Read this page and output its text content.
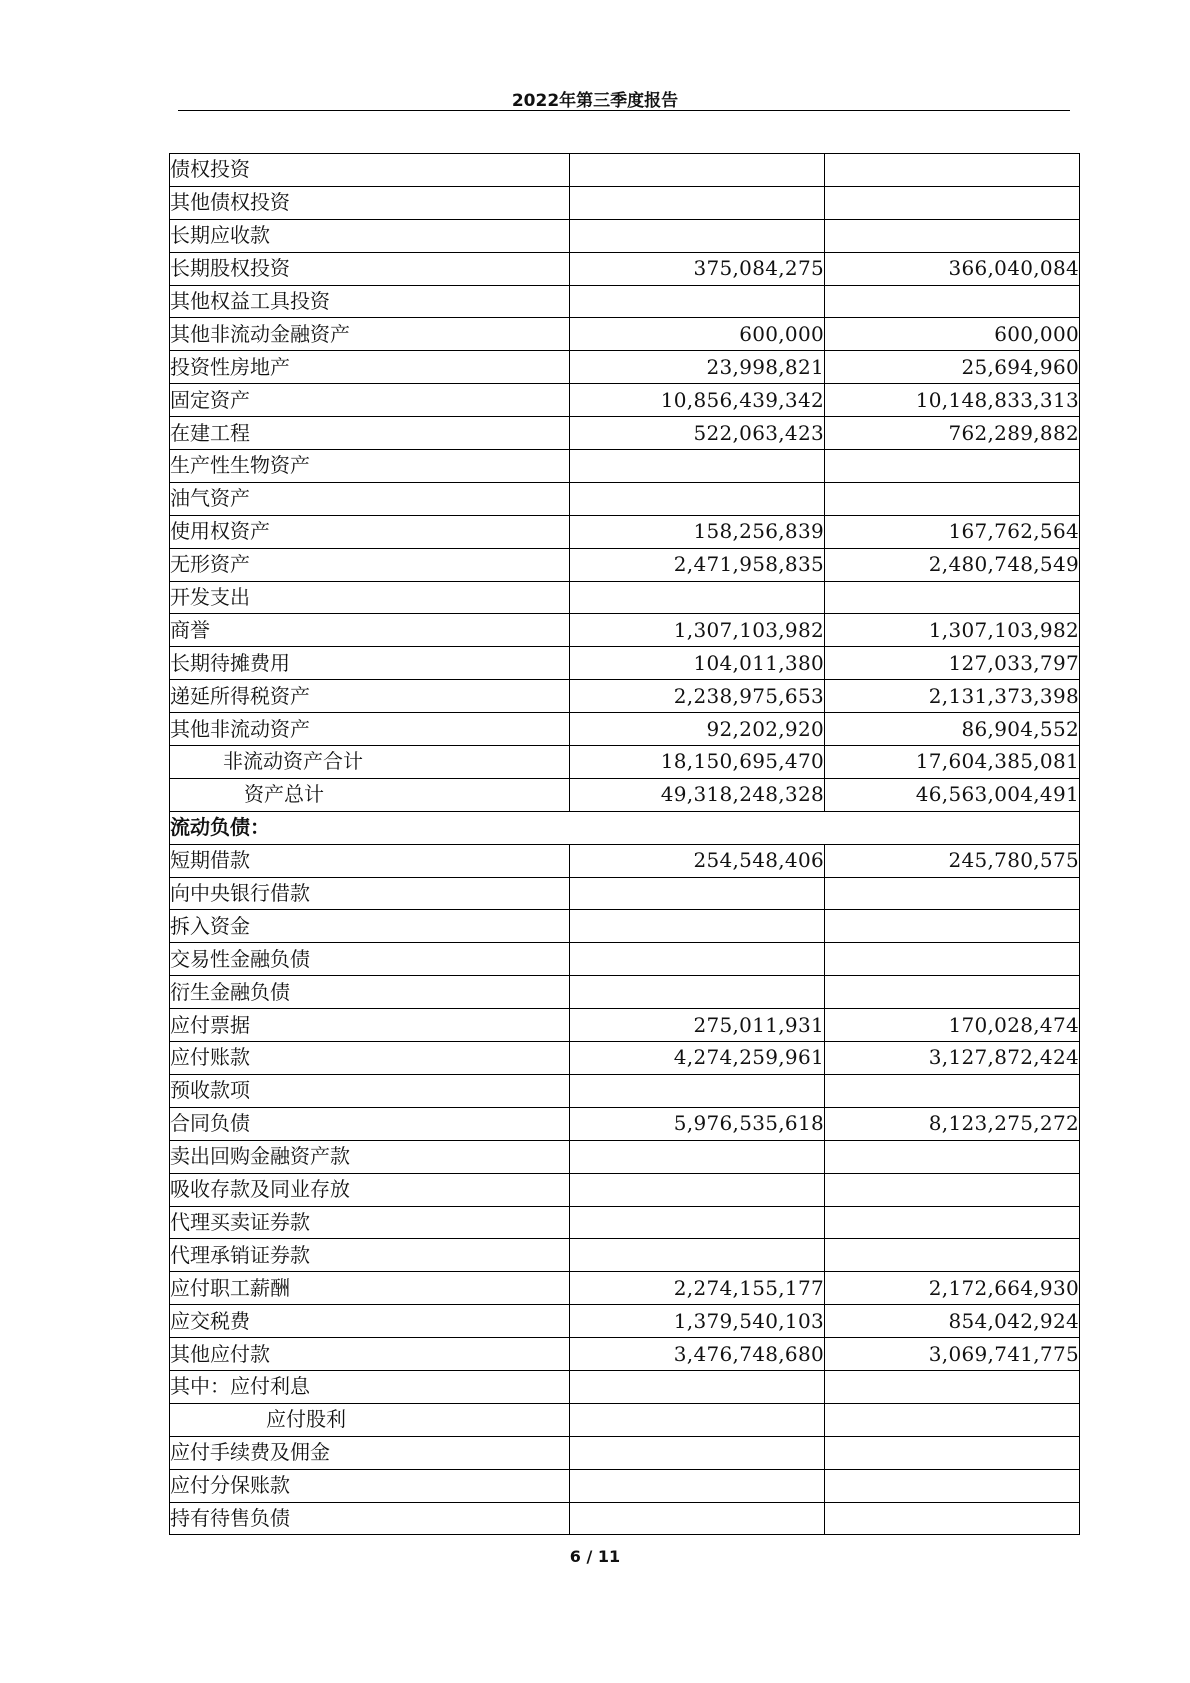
2022年第三季度报告
债权投资		
其他债权投资		
长期应收款		
长期股权投资	375,084,275	366,040,084
其他权益工具投资		
其他非流动金融资产	600,000	600,000
投资性房地产	23,998,821	25,694,960
固定资产	10,856,439,342	10,148,833,313
在建工程	522,063,423	762,289,882
生产性生物资产		
油气资产		
使用权资产	158,256,839	167,762,564
无形资产	2,471,958,835	2,480,748,549
开发支出		
商誉	1,307,103,982	1,307,103,982
长期待摊费用	104,011,380	127,033,797
递延所得税资产	2,238,975,653	2,131,373,398
其他非流动资产	92,202,920	86,904,552
非流动资产合计	18,150,695,470	17,604,385,081
资产总计	49,318,248,328	46,563,004,491
流动负债：		
短期借款	254,548,406	245,780,575
向中央银行借款		
拆入资金		
交易性金融负债		
衍生金融负债		
应付票据	275,011,931	170,028,474
应付账款	4,274,259,961	3,127,872,424
预收款项		
合同负债	5,976,535,618	8,123,275,272
卖出回购金融资产款		
吸收存款及同业存放		
代理买卖证券款		
代理承销证券款		
应付职工薪酬	2,274,155,177	2,172,664,930
应交税费	1,379,540,103	854,042,924
其他应付款	3,476,748,680	3,069,741,775
其中：应付利息		
应付股利		
应付手续费及佣金		
应付分保账款		
持有待售负债		
6 / 11
